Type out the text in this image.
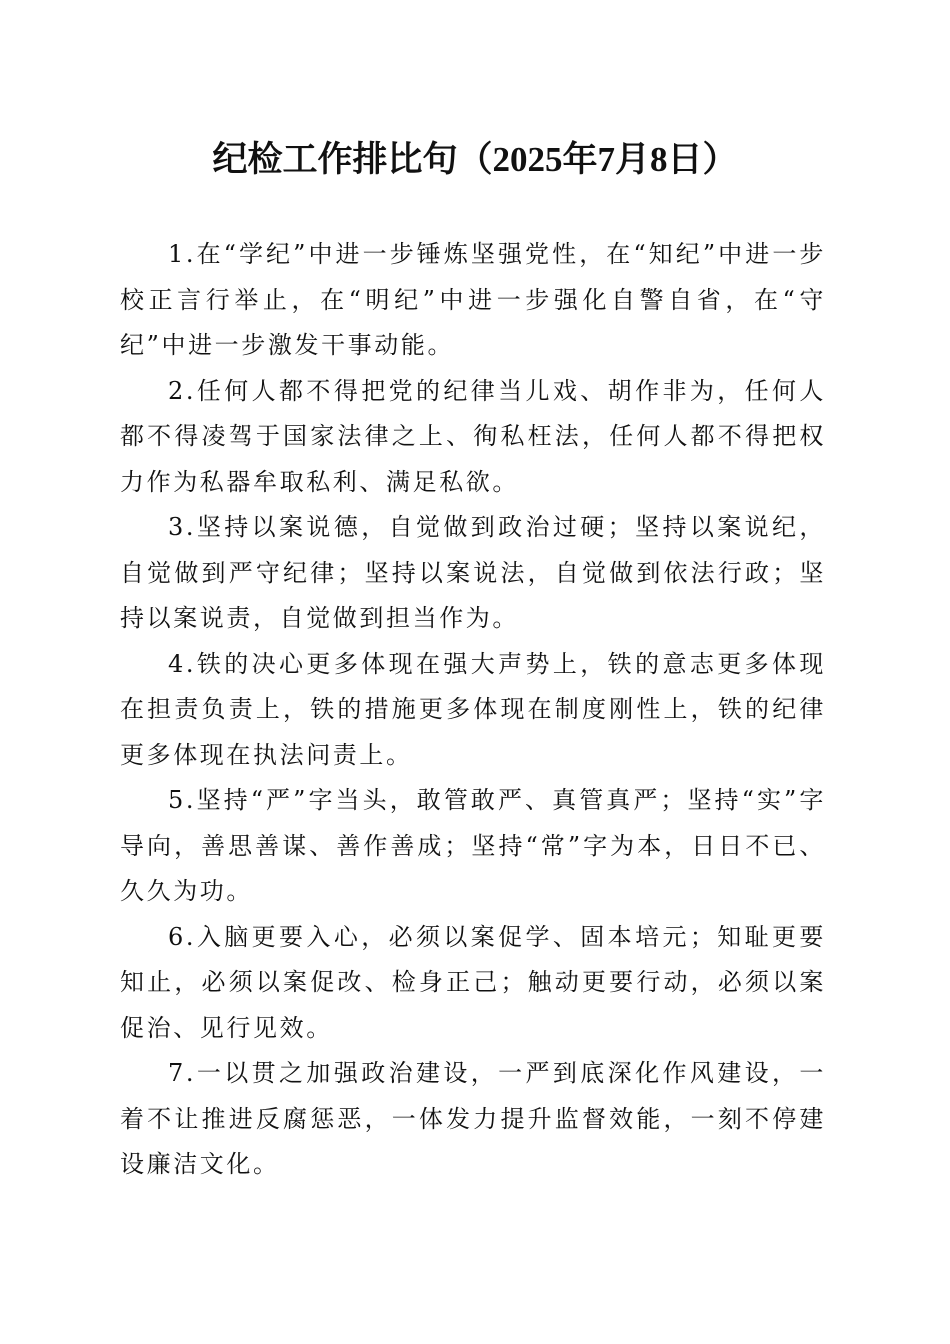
纪检工作排比句（2025年7月8日）

1.在“学纪”中进一步锤炼坚强党性，在“知纪”中进一步校正言行举止，在“明纪”中进一步强化自警自省，在“守纪”中进一步激发干事动能。

2.任何人都不得把党的纪律当儿戏、胡作非为，任何人都不得凌驾于国家法律之上、徇私枉法，任何人都不得把权力作为私器牟取私利、满足私欲。

3.坚持以案说德，自觉做到政治过硬；坚持以案说纪，自觉做到严守纪律；坚持以案说法，自觉做到依法行政；坚持以案说责，自觉做到担当作为。

4.铁的决心更多体现在强大声势上，铁的意志更多体现在担责负责上，铁的措施更多体现在制度刚性上，铁的纪律更多体现在执法问责上。

5.坚持“严”字当头，敢管敢严、真管真严；坚持“实”字导向，善思善谋、善作善成；坚持“常”字为本，日日不已、久久为功。

6.入脑更要入心，必须以案促学、固本培元；知耻更要知止，必须以案促改、检身正己；触动更要行动，必须以案促治、见行见效。

7.一以贯之加强政治建设，一严到底深化作风建设，一着不让推进反腐惩恶，一体发力提升监督效能，一刻不停建设廉洁文化。
